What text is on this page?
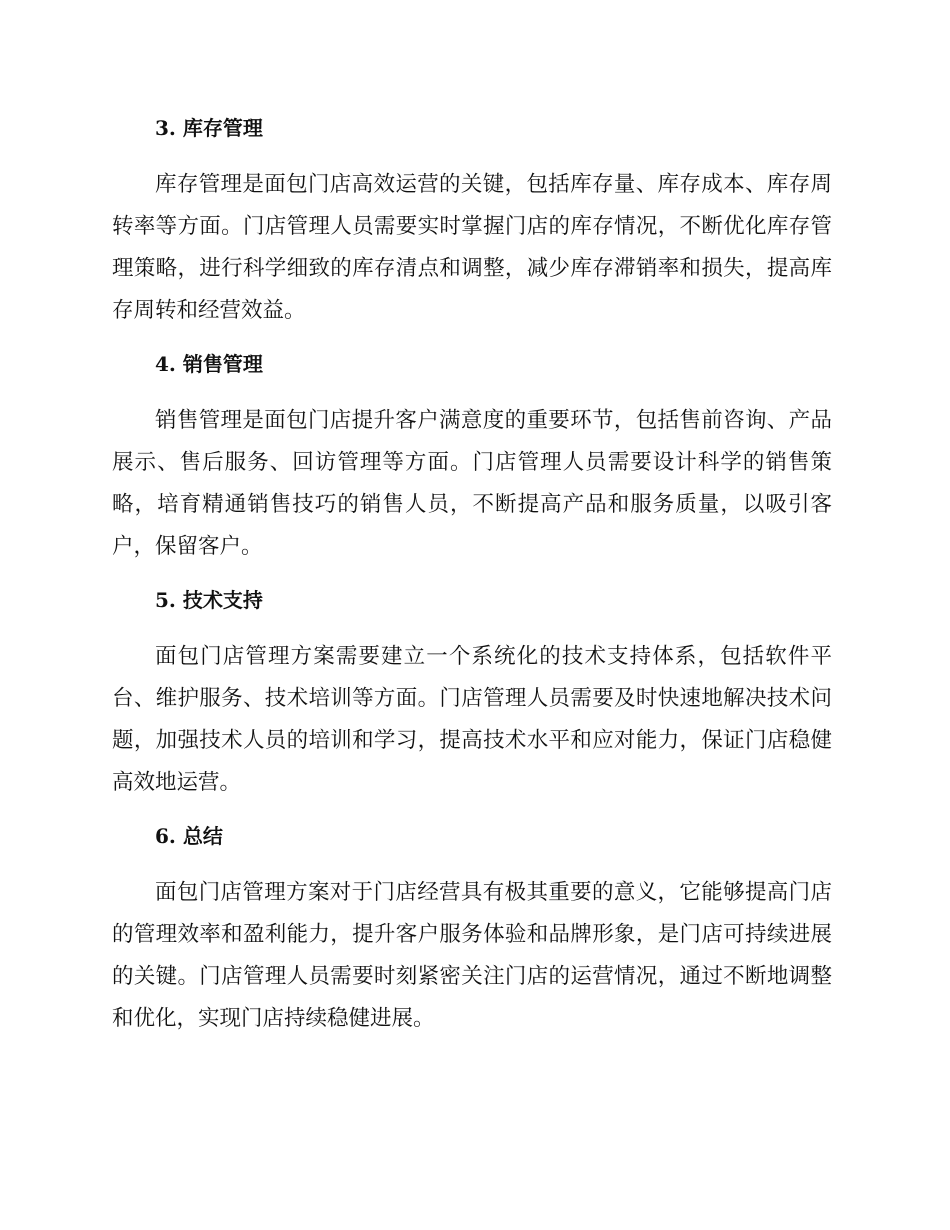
3. 库存管理

库存管理是面包门店高效运营的关键，包括库存量、库存成本、库存周转率等方面。门店管理人员需要实时掌握门店的库存情况，不断优化库存管理策略，进行科学细致的库存清点和调整，减少库存滞销率和损失，提高库存周转和经营效益。

4. 销售管理

销售管理是面包门店提升客户满意度的重要环节，包括售前咨询、产品展示、售后服务、回访管理等方面。门店管理人员需要设计科学的销售策略，培育精通销售技巧的销售人员，不断提高产品和服务质量，以吸引客户，保留客户。

5. 技术支持

面包门店管理方案需要建立一个系统化的技术支持体系，包括软件平台、维护服务、技术培训等方面。门店管理人员需要及时快速地解决技术问题，加强技术人员的培训和学习，提高技术水平和应对能力，保证门店稳健高效地运营。

6. 总结

面包门店管理方案对于门店经营具有极其重要的意义，它能够提高门店的管理效率和盈利能力，提升客户服务体验和品牌形象，是门店可持续进展的关键。门店管理人员需要时刻紧密关注门店的运营情况，通过不断地调整和优化，实现门店持续稳健进展。
